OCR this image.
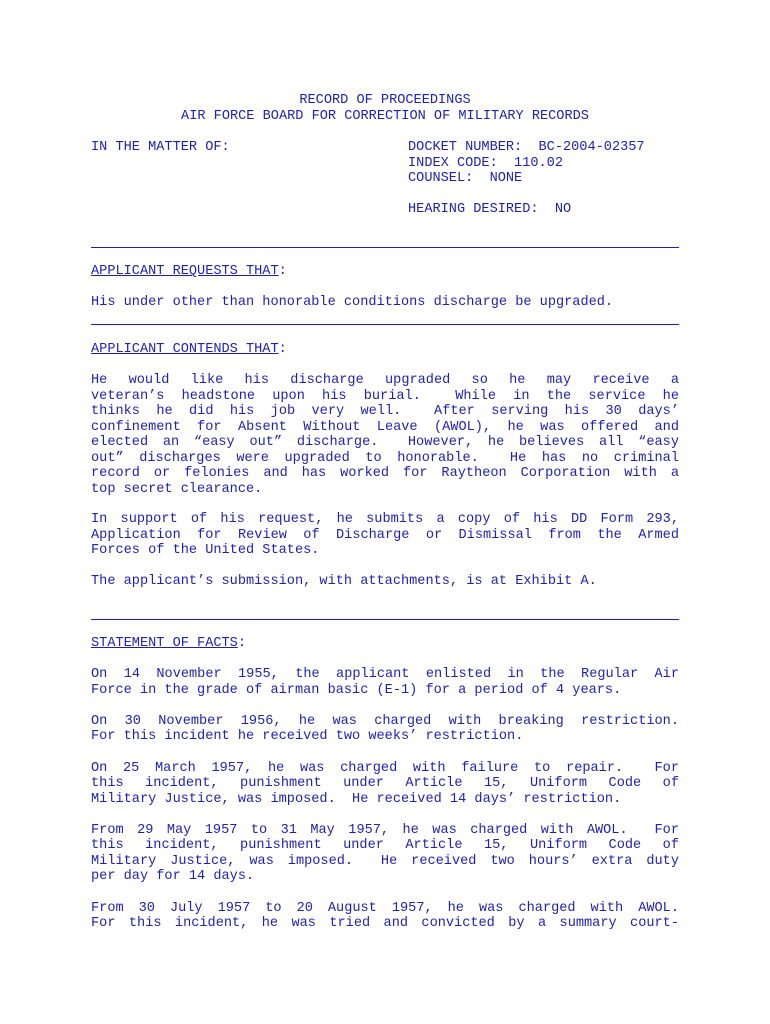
RECORD OF PROCEEDINGS
AIR FORCE BOARD FOR CORRECTION OF MILITARY RECORDS
IN THE MATTER OF:	DOCKET NUMBER:  BC-2004-02357
INDEX CODE:  110.02
COUNSEL:  NONE
HEARING DESIRED:  NO
APPLICANT REQUESTS THAT:
His under other than honorable conditions discharge be upgraded.
APPLICANT CONTENDS THAT:
He would like his discharge upgraded so he may receive a
veteran’s headstone upon his burial.  While in the service he
thinks he did his job very well.  After serving his 30 days’
confinement for Absent Without Leave (AWOL), he was offered and
elected an “easy out” discharge.  However, he believes all “easy
out” discharges were upgraded to honorable.  He has no criminal
record or felonies and has worked for Raytheon Corporation with a
top secret clearance.
In support of his request, he submits a copy of his DD Form 293,
Application for Review of Discharge or Dismissal from the Armed
Forces of the United States.
The applicant’s submission, with attachments, is at Exhibit A.
STATEMENT OF FACTS:
On 14 November 1955, the applicant enlisted in the Regular Air
Force in the grade of airman basic (E-1) for a period of 4 years.
On 30 November 1956, he was charged with breaking restriction.
For this incident he received two weeks’ restriction.
On 25 March 1957, he was charged with failure to repair.  For
this incident, punishment under Article 15, Uniform Code of
Military Justice, was imposed.  He received 14 days’ restriction.
From 29 May 1957 to 31 May 1957, he was charged with AWOL.  For
this incident, punishment under Article 15, Uniform Code of
Military Justice, was imposed.  He received two hours’ extra duty
per day for 14 days.
From 30 July 1957 to 20 August 1957, he was charged with AWOL.
For this incident, he was tried and convicted by a summary court-
